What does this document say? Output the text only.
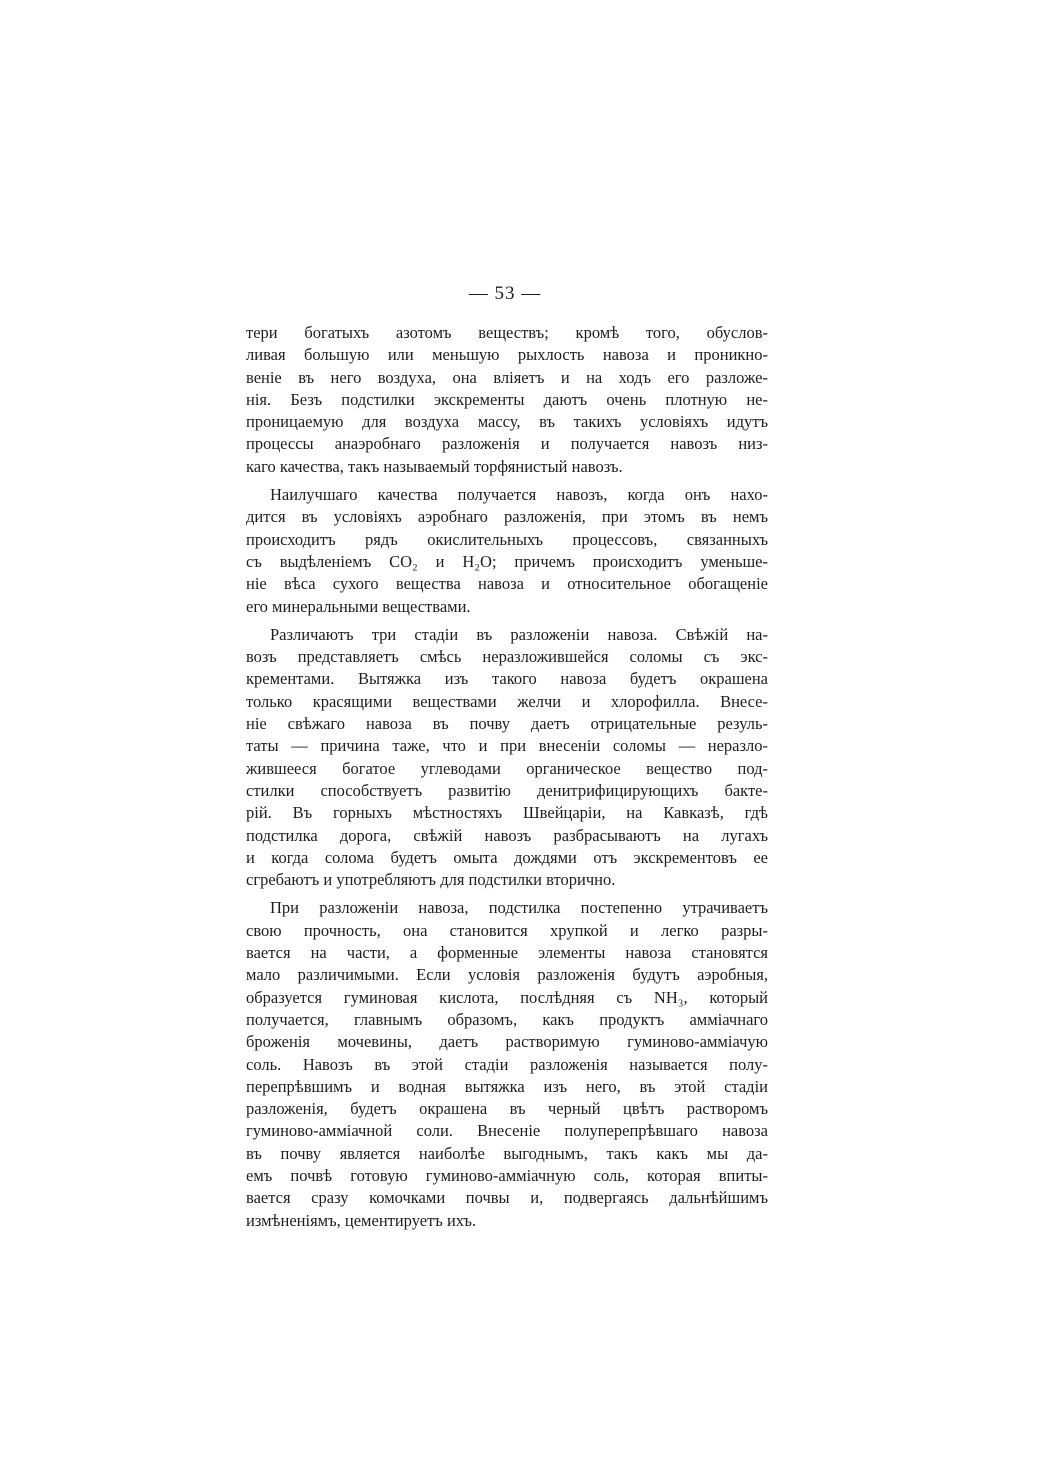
— 53 —
тери богатыхъ азотомъ веществъ; кромѣ того, обуслов-
ливая большую или меньшую рыхлость навоза и проникно-
веніе въ него воздуха, она вліяетъ и на ходъ его разложе-
нія. Безъ подстилки экскременты даютъ очень плотную не-
проницаемую для воздуха массу, въ такихъ условіяхъ идутъ
процессы анаэробнаго разложенія и получается навозъ низ-
каго качества, такъ называемый торфянистый навозъ.
Наилучшаго качества получается навозъ, когда онъ нахо-
дится въ условіяхъ аэробнаго разложенія, при этомъ въ немъ
происходитъ рядъ окислительныхъ процессовъ, связанныхъ
съ выдѣленіемъ CO₂ и H₂O; причемъ происходитъ уменьше-
ніе вѣса сухого вещества навоза и относительное обогащеніе
его минеральными веществами.
Различаютъ три стадіи въ разложеніи навоза. Свѣжій на-
возъ представляетъ смѣсь неразложившейся соломы съ экс-
крементами. Вытяжка изъ такого навоза будетъ окрашена
только красящими веществами желчи и хлорофилла. Внесе-
ніе свѣжаго навоза въ почву даетъ отрицательные резуль-
таты — причина таже, что и при внесеніи соломы — неразло-
жившееся богатое углеводами органическое вещество под-
стилки способствуетъ развитію денитрифицирующихъ бакте-
рій. Въ горныхъ мѣстностяхъ Швейцаріи, на Кавказѣ, гдѣ
подстилка дорога, свѣжій навозъ разбрасываютъ на лугахъ
и когда солома будетъ омыта дождями отъ экскрементовъ ее
сгребаютъ и употребляютъ для подстилки вторично.
При разложеніи навоза, подстилка постепенно утрачиваетъ
свою прочность, она становится хрупкой и легко разры-
вается на части, а форменные элементы навоза становятся
мало различимыми. Если условія разложенія будутъ аэробныя,
образуется гуминовая кислота, послѣдняя съ NH₃, который
получается, главнымъ образомъ, какъ продуктъ амміачнаго
броженія мочевины, даетъ растворимую гуминово-амміачую
соль. Навозъ въ этой стадіи разложенія называется полу-
перепрѣвшимъ и водная вытяжка изъ него, въ этой стадіи
разложенія, будетъ окрашена въ черный цвѣтъ растворомъ
гуминово-амміачной соли. Внесеніе полуперепрѣвшаго навоза
въ почву является наиболѣе выгоднымъ, такъ какъ мы да-
емъ почвѣ готовую гуминово-амміачную соль, которая впиты-
вается сразу комочками почвы и, подвергаясь дальнѣйшимъ
измѣненіямъ, цементируетъ ихъ.
